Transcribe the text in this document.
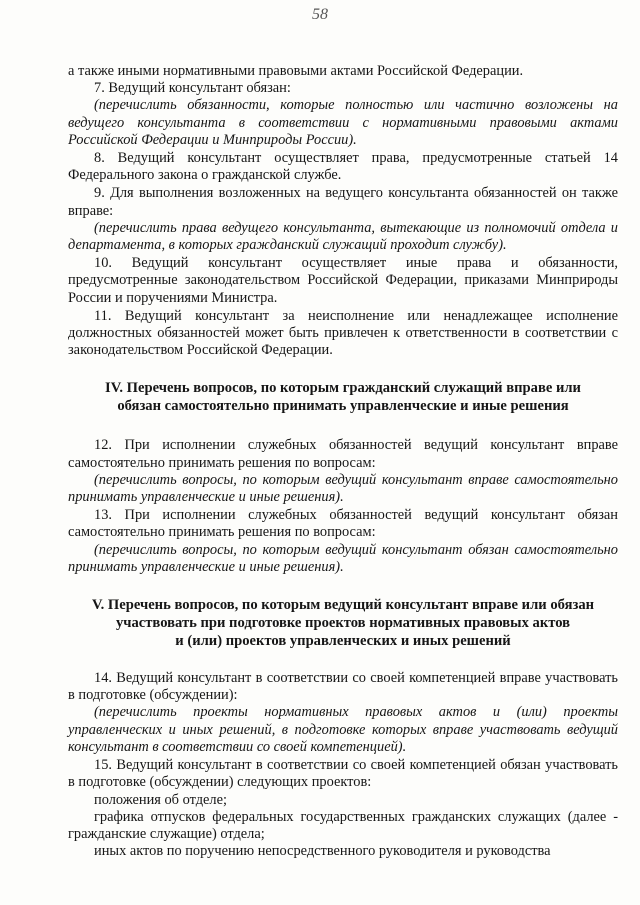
58

а также иными нормативными правовыми актами Российской Федерации.

7. Ведущий консультант обязан:

(перечислить обязанности, которые полностью или частично возложены на ведущего консультанта в соответствии с нормативными правовыми актами Российской Федерации и Минприроды России).

8. Ведущий консультант осуществляет права, предусмотренные статьей 14 Федерального закона о гражданской службе.

9. Для выполнения возложенных на ведущего консультанта обязанностей он также вправе:

(перечислить права ведущего консультанта, вытекающие из полномочий отдела и департамента, в которых гражданский служащий проходит службу).

10. Ведущий консультант осуществляет иные права и обязанности, предусмотренные законодательством Российской Федерации, приказами Минприроды России и поручениями Министра.

11. Ведущий консультант за неисполнение или ненадлежащее исполнение должностных обязанностей может быть привлечен к ответственности в соответствии с законодательством Российской Федерации.

IV. Перечень вопросов, по которым гражданский служащий вправе или
обязан самостоятельно принимать управленческие и иные решения

12. При исполнении служебных обязанностей ведущий консультант вправе самостоятельно принимать решения по вопросам:

(перечислить вопросы, по которым ведущий консультант вправе самостоятельно принимать управленческие и иные решения).

13. При исполнении служебных обязанностей ведущий консультант обязан самостоятельно принимать решения по вопросам:

(перечислить вопросы, по которым ведущий консультант обязан самостоятельно принимать управленческие и иные решения).

V. Перечень вопросов, по которым ведущий консультант вправе или обязан
участвовать при подготовке проектов нормативных правовых актов
и (или) проектов управленческих и иных решений

14. Ведущий консультант в соответствии со своей компетенцией вправе участвовать в подготовке (обсуждении):

(перечислить проекты нормативных правовых актов и (или) проекты управленческих и иных решений, в подготовке которых вправе участвовать ведущий консультант в соответствии со своей компетенцией).

15. Ведущий консультант в соответствии со своей компетенцией обязан участвовать в подготовке (обсуждении) следующих проектов:

положения об отделе;

графика отпусков федеральных государственных гражданских служащих (далее - гражданские служащие) отдела;

иных актов по поручению непосредственного руководителя и руководства
